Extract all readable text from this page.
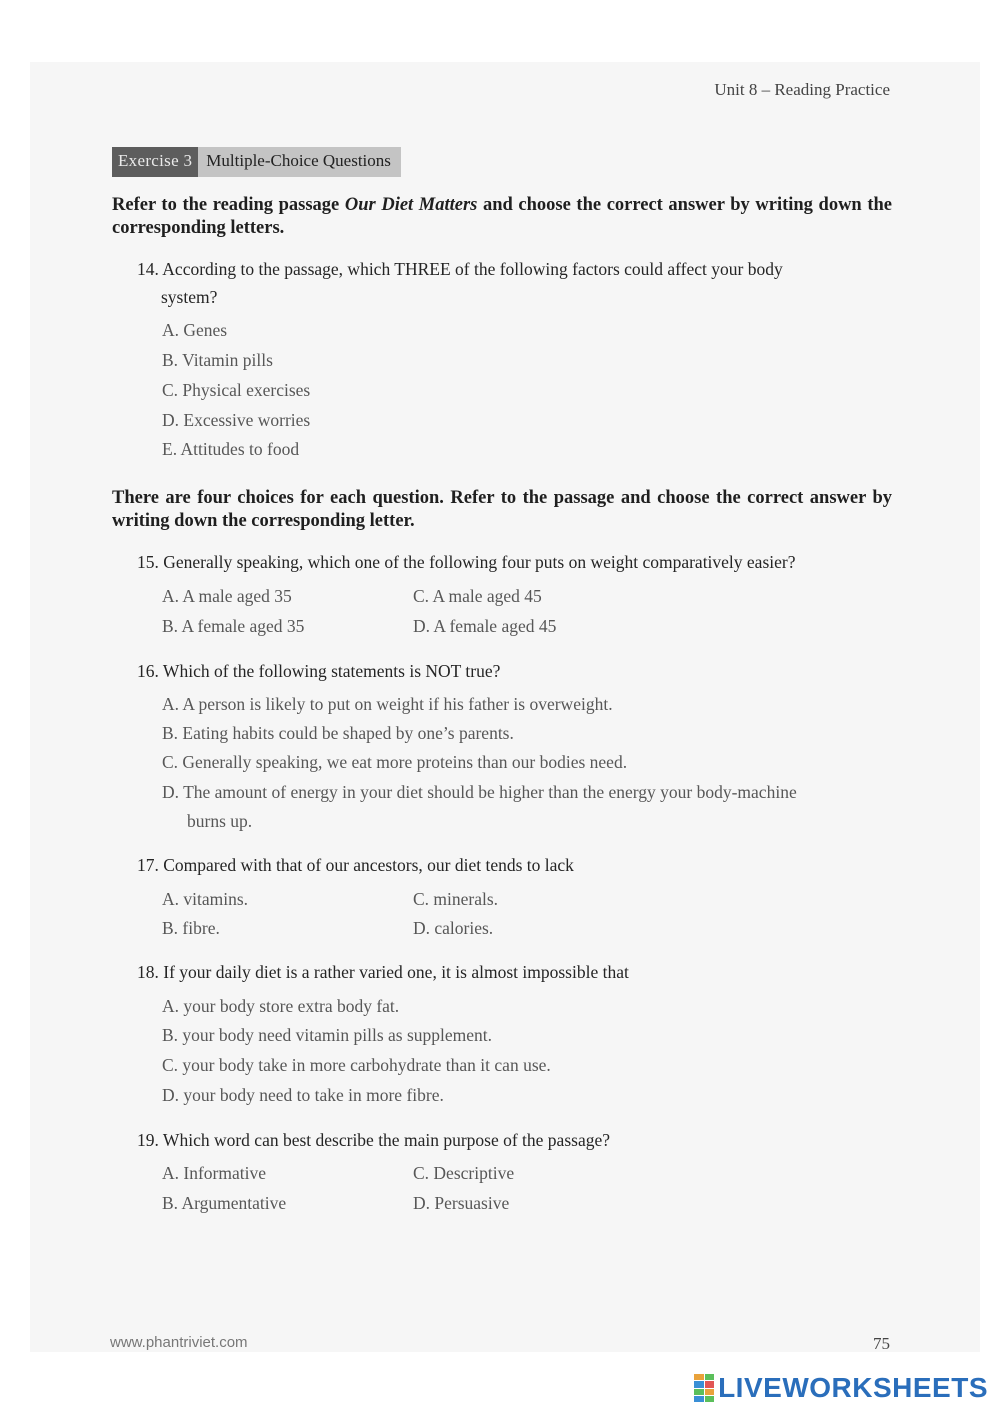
Unit 8 – Reading Practice
Exercise 3 Multiple-Choice Questions
Refer to the reading passage Our Diet Matters and choose the correct answer by writing down the corresponding letters.
14. According to the passage, which THREE of the following factors could affect your body
system?
A. Genes
B. Vitamin pills
C. Physical exercises
D. Excessive worries
E. Attitudes to food
There are four choices for each question. Refer to the passage and choose the correct answer by writing down the corresponding letter.
15. Generally speaking, which one of the following four puts on weight comparatively easier?
A. A male aged 35
B. A female aged 35
C. A male aged 45
D. A female aged 45
16. Which of the following statements is NOT true?
A. A person is likely to put on weight if his father is overweight.
B. Eating habits could be shaped by one’s parents.
C. Generally speaking, we eat more proteins than our bodies need.
D. The amount of energy in your diet should be higher than the energy your body-machine
burns up.
17. Compared with that of our ancestors, our diet tends to lack
A. vitamins.
B. fibre.
C. minerals.
D. calories.
18. If your daily diet is a rather varied one, it is almost impossible that
A. your body store extra body fat.
B. your body need vitamin pills as supplement.
C. your body take in more carbohydrate than it can use.
D. your body need to take in more fibre.
19. Which word can best describe the main purpose of the passage?
A. Informative
B. Argumentative
C. Descriptive
D. Persuasive
www.phantriviet.com	75
LIVEWORKSHEETS
